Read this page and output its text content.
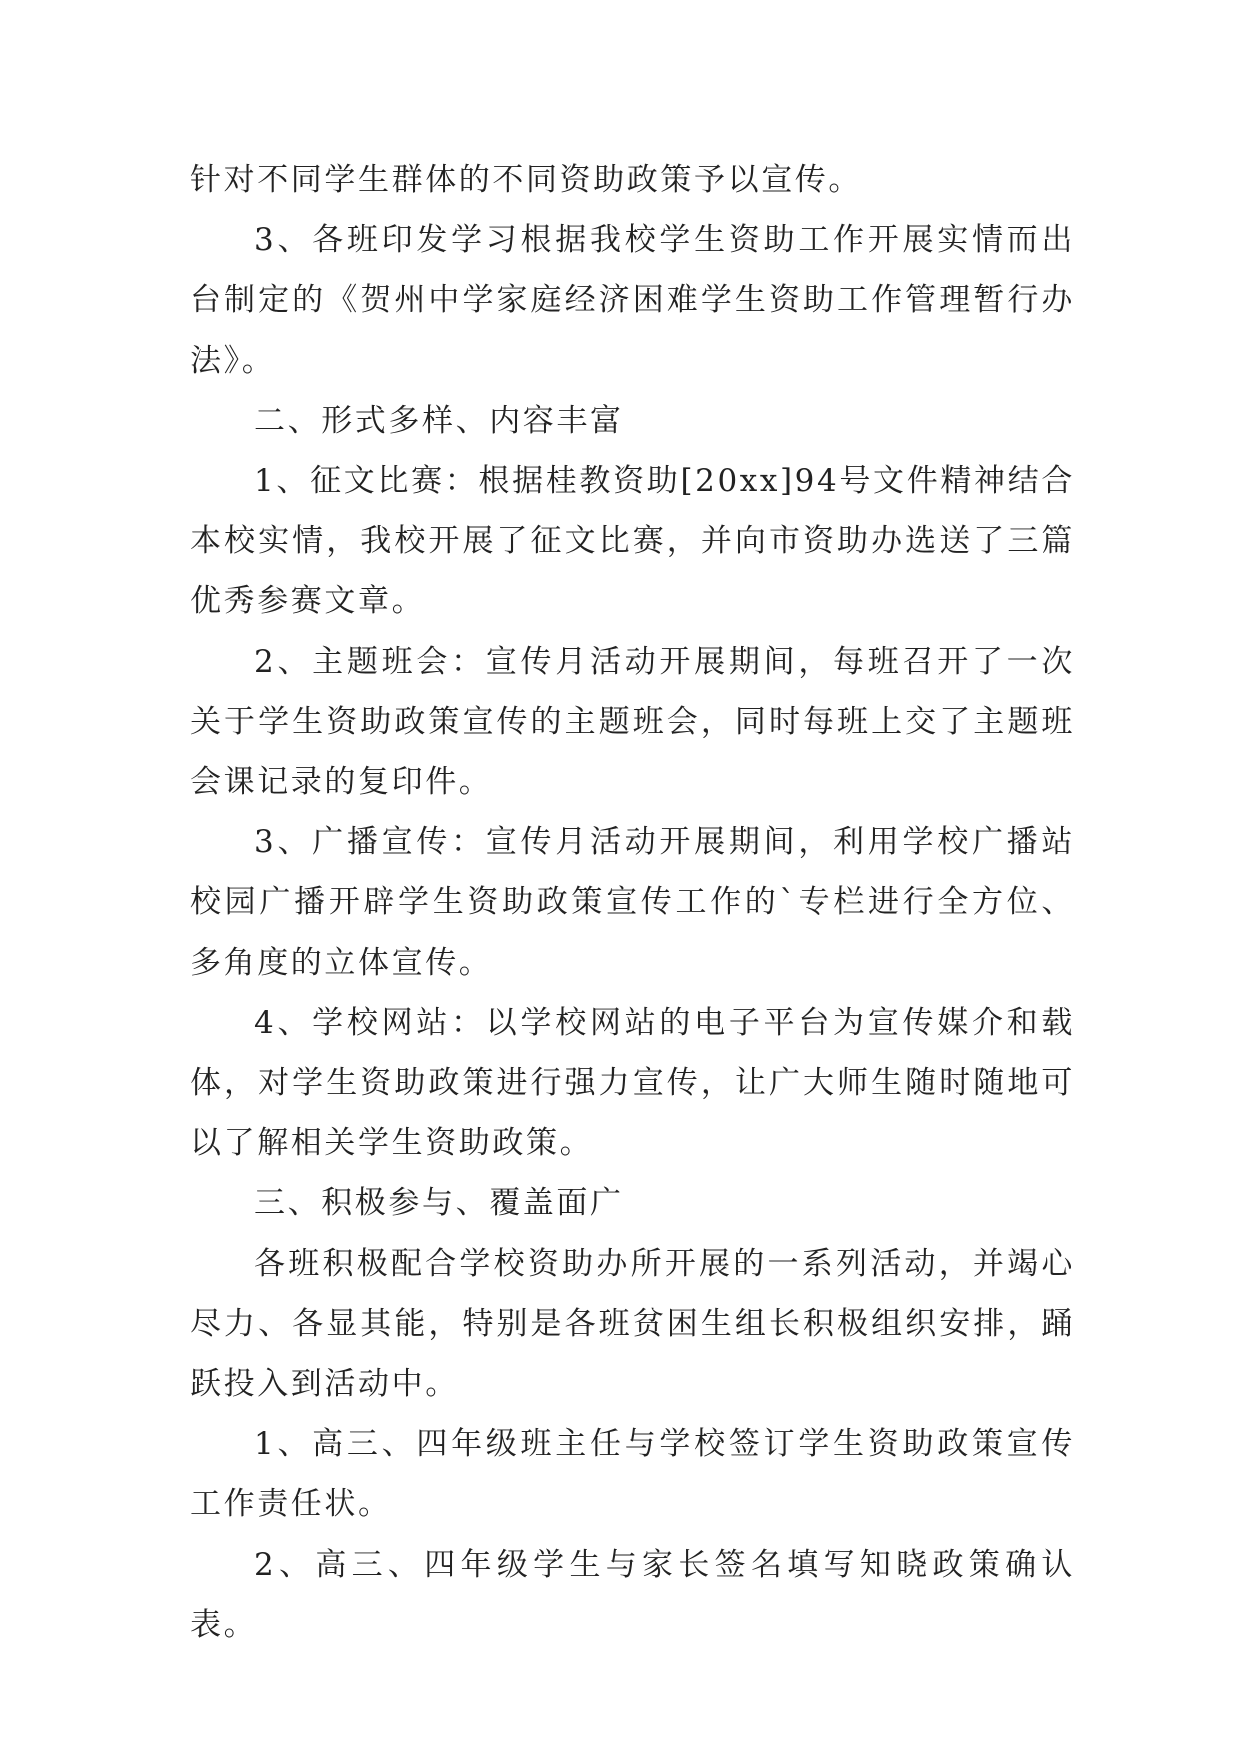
针对不同学生群体的不同资助政策予以宣传。

3、各班印发学习根据我校学生资助工作开展实情而出台制定的《贺州中学家庭经济困难学生资助工作管理暂行办法》。

二、形式多样、内容丰富

1、征文比赛：根据桂教资助[20xx]94号文件精神结合本校实情，我校开展了征文比赛，并向市资助办选送了三篇优秀参赛文章。

2、主题班会：宣传月活动开展期间，每班召开了一次关于学生资助政策宣传的主题班会，同时每班上交了主题班会课记录的复印件。

3、广播宣传：宣传月活动开展期间，利用学校广播站校园广播开辟学生资助政策宣传工作的`专栏进行全方位、多角度的立体宣传。

4、学校网站：以学校网站的电子平台为宣传媒介和载体，对学生资助政策进行强力宣传，让广大师生随时随地可以了解相关学生资助政策。

三、积极参与、覆盖面广

各班积极配合学校资助办所开展的一系列活动，并竭心尽力、各显其能，特别是各班贫困生组长积极组织安排，踊跃投入到活动中。

1、高三、四年级班主任与学校签订学生资助政策宣传工作责任状。

2、高三、四年级学生与家长签名填写知晓政策确认表。
